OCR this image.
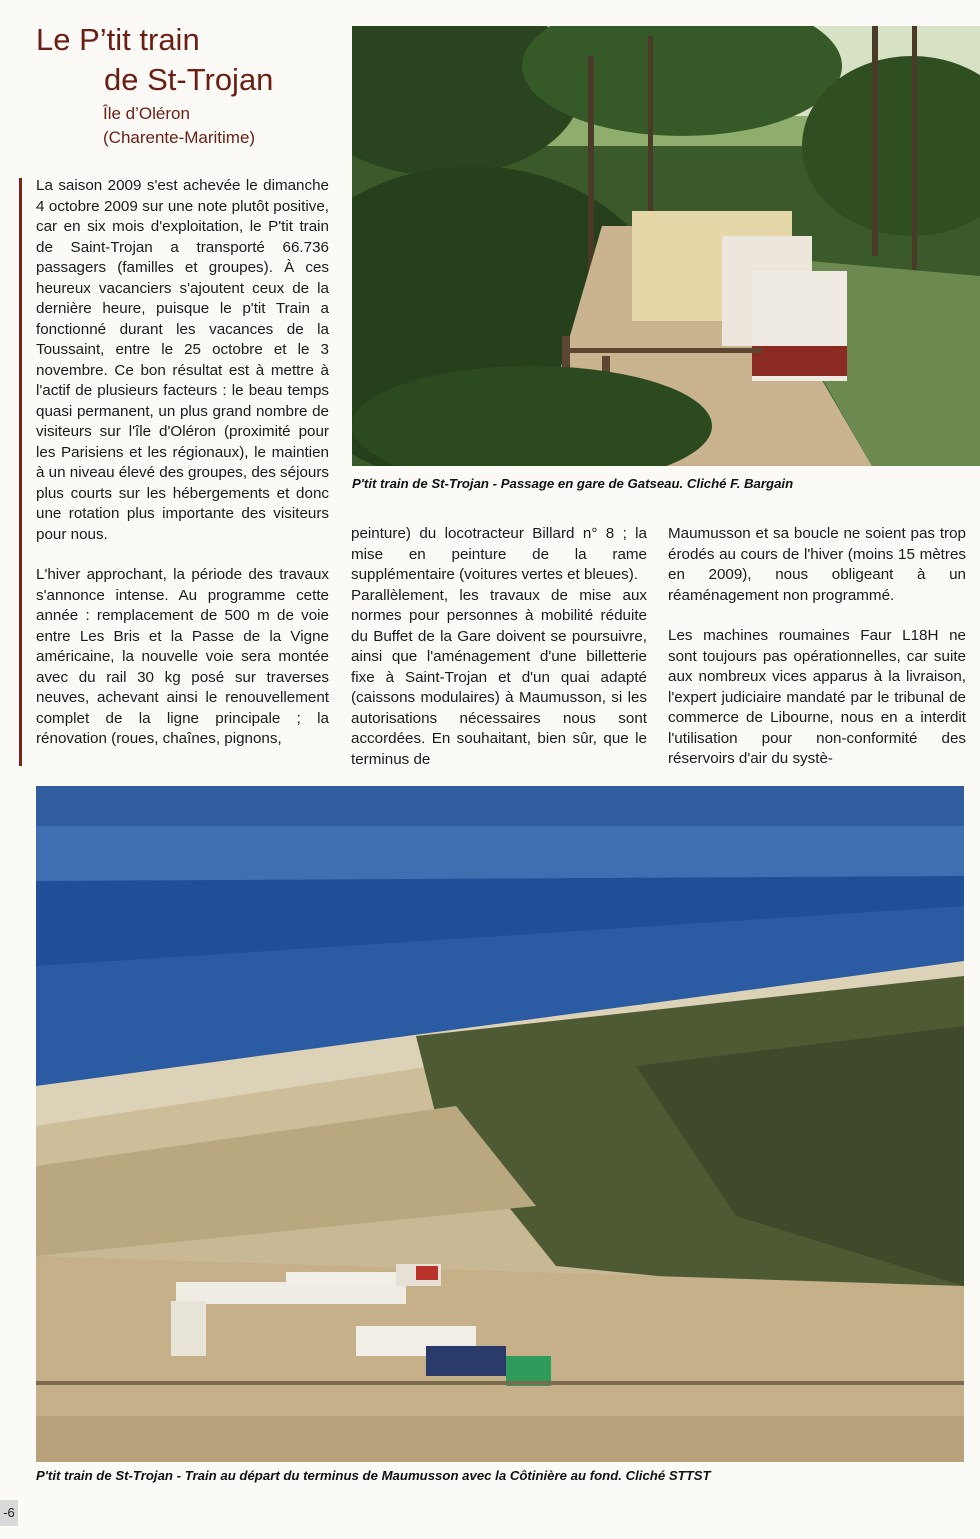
Le P’tit train
de St-Trojan
Île d’Oléron
(Charente-Maritime)

La saison 2009 s'est achevée le dimanche 4 octobre 2009 sur une note plutôt positive, car en six mois d'exploitation, le P'tit train de Saint-Trojan a transporté 66.736 passagers (familles et groupes). À ces heureux vacanciers s'ajoutent ceux de la dernière heure, puisque le p'tit Train a fonctionné durant les vacances de la Toussaint, entre le 25 octobre et le 3 novembre. Ce bon résultat est à mettre à l'actif de plusieurs facteurs : le beau temps quasi permanent, un plus grand nombre de visiteurs sur l'île d'Oléron (proximité pour les Parisiens et les régionaux), le maintien à un niveau élevé des groupes, des séjours plus courts sur les hébergements et donc une rotation plus importante des visiteurs pour nous.

L'hiver approchant, la période des travaux s'annonce intense. Au programme cette année : remplacement de 500 m de voie entre Les Bris et la Passe de la Vigne américaine, la nouvelle voie sera montée avec du rail 30 kg posé sur traverses neuves, achevant ainsi le renouvellement complet de la ligne principale ; la rénovation (roues, chaînes, pignons,

P'tit train de St-Trojan - Passage en gare de Gatseau. Cliché F. Bargain

peinture) du locotracteur Billard n° 8 ; la mise en peinture de la rame supplémentaire (voitures vertes et bleues).

Parallèlement, les travaux de mise aux normes pour personnes à mobilité réduite du Buffet de la Gare doivent se poursuivre, ainsi que l'aménagement d'une billetterie fixe à Saint-Trojan et d'un quai adapté (caissons modulaires) à Maumusson, si les autorisations nécessaires nous sont accordées. En souhaitant, bien sûr, que le terminus de

Maumusson et sa boucle ne soient pas trop érodés au cours de l'hiver (moins 15 mètres en 2009), nous obligeant à un réaménagement non programmé.

Les machines roumaines Faur L18H ne sont toujours pas opérationnelles, car suite aux nombreux vices apparus à la livraison, l'expert judiciaire mandaté par le tribunal de commerce de Libourne, nous en a interdit l'utilisation pour non-conformité des réservoirs d'air du systè-

P'tit train de St-Trojan - Train au départ du terminus de Maumusson avec la Côtinière au fond. Cliché STTST
-6
